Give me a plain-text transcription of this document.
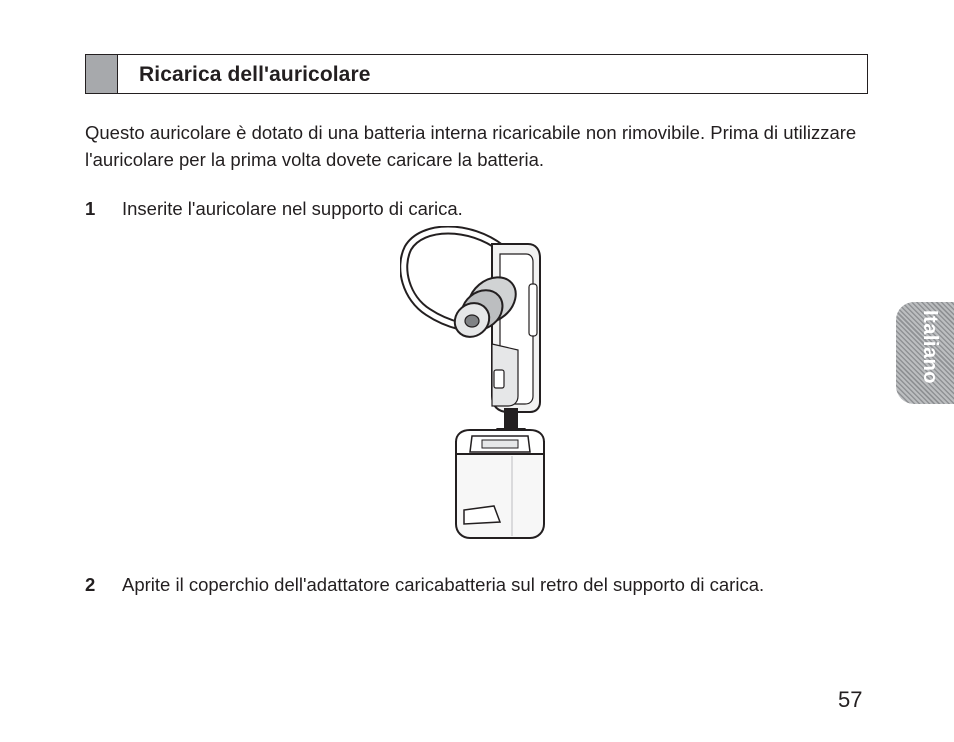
Ricarica dell'auricolare

Questo auricolare è dotato di una batteria interna ricaricabile non rimovibile. Prima di utilizzare l'auricolare per la prima volta dovete caricare la batteria.

1 Inserite l'auricolare nel supporto di carica.
2 Aprite il coperchio dell'adattatore caricabatteria sul retro del supporto di carica.
Italiano
57
